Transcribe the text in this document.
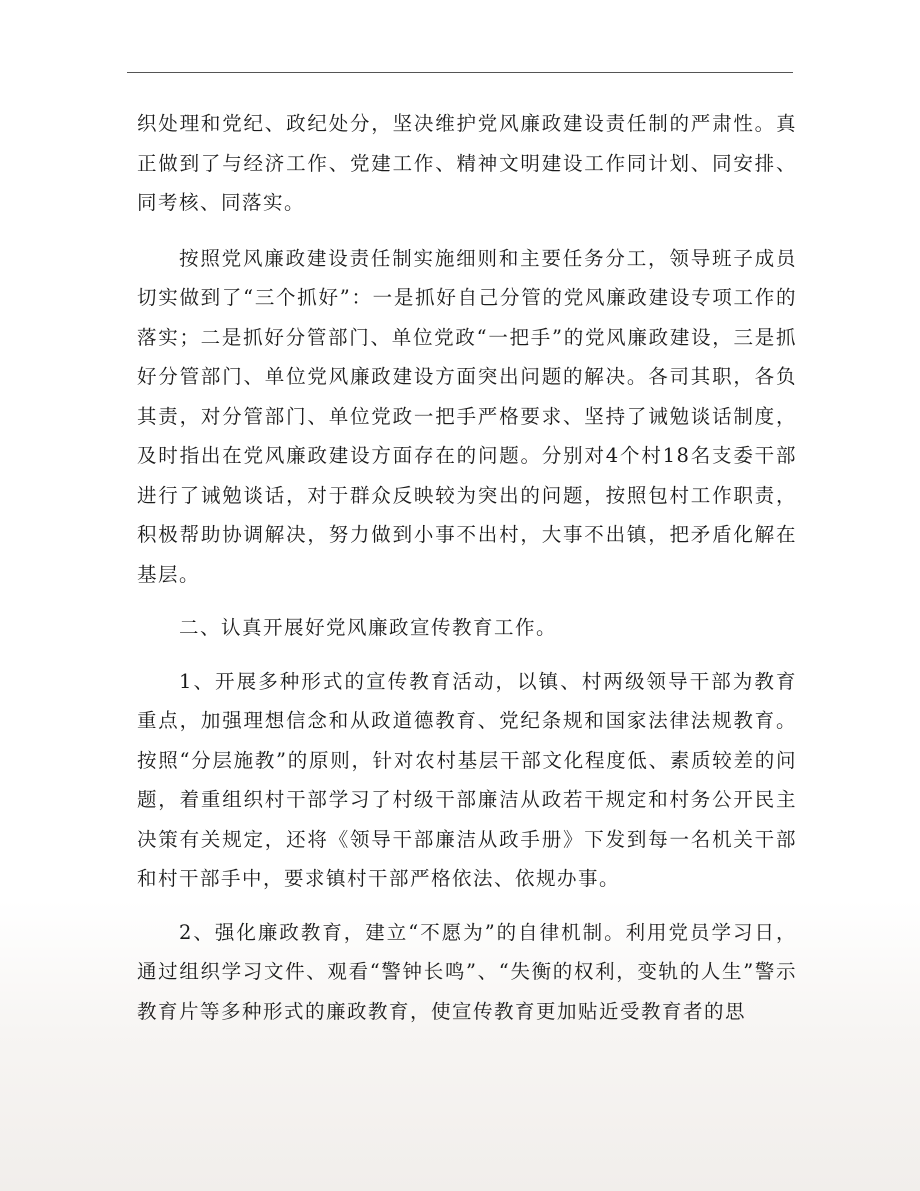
织处理和党纪、政纪处分，坚决维护党风廉政建设责任制的严肃性。真正做到了与经济工作、党建工作、精神文明建设工作同计划、同安排、同考核、同落实。

按照党风廉政建设责任制实施细则和主要任务分工，领导班子成员切实做到了“三个抓好”：一是抓好自己分管的党风廉政建设专项工作的落实；二是抓好分管部门、单位党政“一把手”的党风廉政建设，三是抓好分管部门、单位党风廉政建设方面突出问题的解决。各司其职，各负其责，对分管部门、单位党政一把手严格要求、坚持了诫勉谈话制度，及时指出在党风廉政建设方面存在的问题。分别对4个村18名支委干部进行了诫勉谈话，对于群众反映较为突出的问题，按照包村工作职责，积极帮助协调解决，努力做到小事不出村，大事不出镇，把矛盾化解在基层。

二、认真开展好党风廉政宣传教育工作。

1、开展多种形式的宣传教育活动，以镇、村两级领导干部为教育重点，加强理想信念和从政道德教育、党纪条规和国家法律法规教育。按照“分层施教”的原则，针对农村基层干部文化程度低、素质较差的问题，着重组织村干部学习了村级干部廉洁从政若干规定和村务公开民主决策有关规定，还将《领导干部廉洁从政手册》下发到每一名机关干部和村干部手中，要求镇村干部严格依法、依规办事。

2、强化廉政教育，建立“不愿为”的自律机制。利用党员学习日，通过组织学习文件、观看“警钟长鸣”、“失衡的权利，变轨的人生”警示教育片等多种形式的廉政教育，使宣传教育更加贴近受教育者的思
